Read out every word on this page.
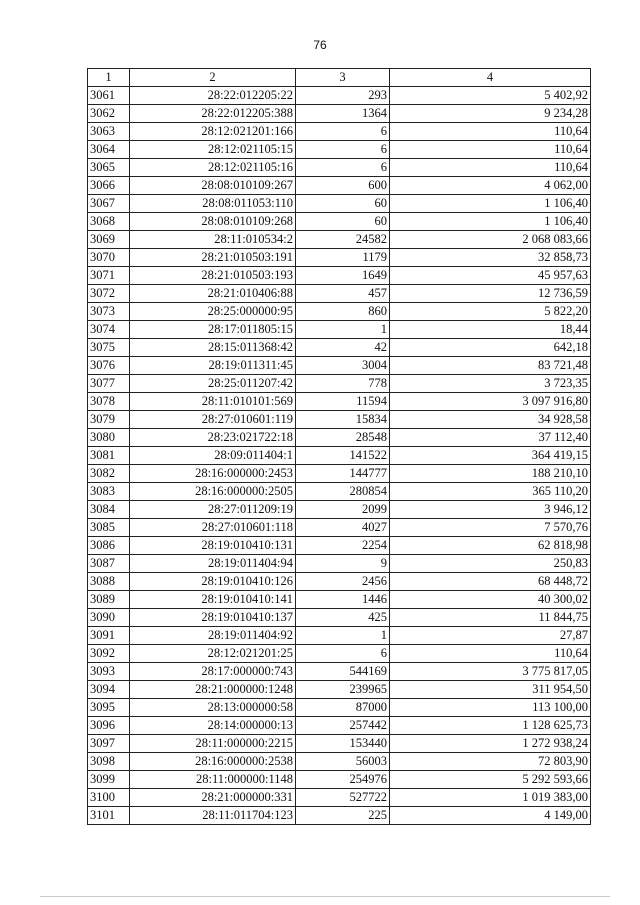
76
1	2	3	4
3061	28:22:012205:22	293	5 402,92
3062	28:22:012205:388	1364	9 234,28
3063	28:12:021201:166	6	110,64
3064	28:12:021105:15	6	110,64
3065	28:12:021105:16	6	110,64
3066	28:08:010109:267	600	4 062,00
3067	28:08:011053:110	60	1 106,40
3068	28:08:010109:268	60	1 106,40
3069	28:11:010534:2	24582	2 068 083,66
3070	28:21:010503:191	1179	32 858,73
3071	28:21:010503:193	1649	45 957,63
3072	28:21:010406:88	457	12 736,59
3073	28:25:000000:95	860	5 822,20
3074	28:17:011805:15	1	18,44
3075	28:15:011368:42	42	642,18
3076	28:19:011311:45	3004	83 721,48
3077	28:25:011207:42	778	3 723,35
3078	28:11:010101:569	11594	3 097 916,80
3079	28:27:010601:119	15834	34 928,58
3080	28:23:021722:18	28548	37 112,40
3081	28:09:011404:1	141522	364 419,15
3082	28:16:000000:2453	144777	188 210,10
3083	28:16:000000:2505	280854	365 110,20
3084	28:27:011209:19	2099	3 946,12
3085	28:27:010601:118	4027	7 570,76
3086	28:19:010410:131	2254	62 818,98
3087	28:19:011404:94	9	250,83
3088	28:19:010410:126	2456	68 448,72
3089	28:19:010410:141	1446	40 300,02
3090	28:19:010410:137	425	11 844,75
3091	28:19:011404:92	1	27,87
3092	28:12:021201:25	6	110,64
3093	28:17:000000:743	544169	3 775 817,05
3094	28:21:000000:1248	239965	311 954,50
3095	28:13:000000:58	87000	113 100,00
3096	28:14:000000:13	257442	1 128 625,73
3097	28:11:000000:2215	153440	1 272 938,24
3098	28:16:000000:2538	56003	72 803,90
3099	28:11:000000:1148	254976	5 292 593,66
3100	28:21:000000:331	527722	1 019 383,00
3101	28:11:011704:123	225	4 149,00
